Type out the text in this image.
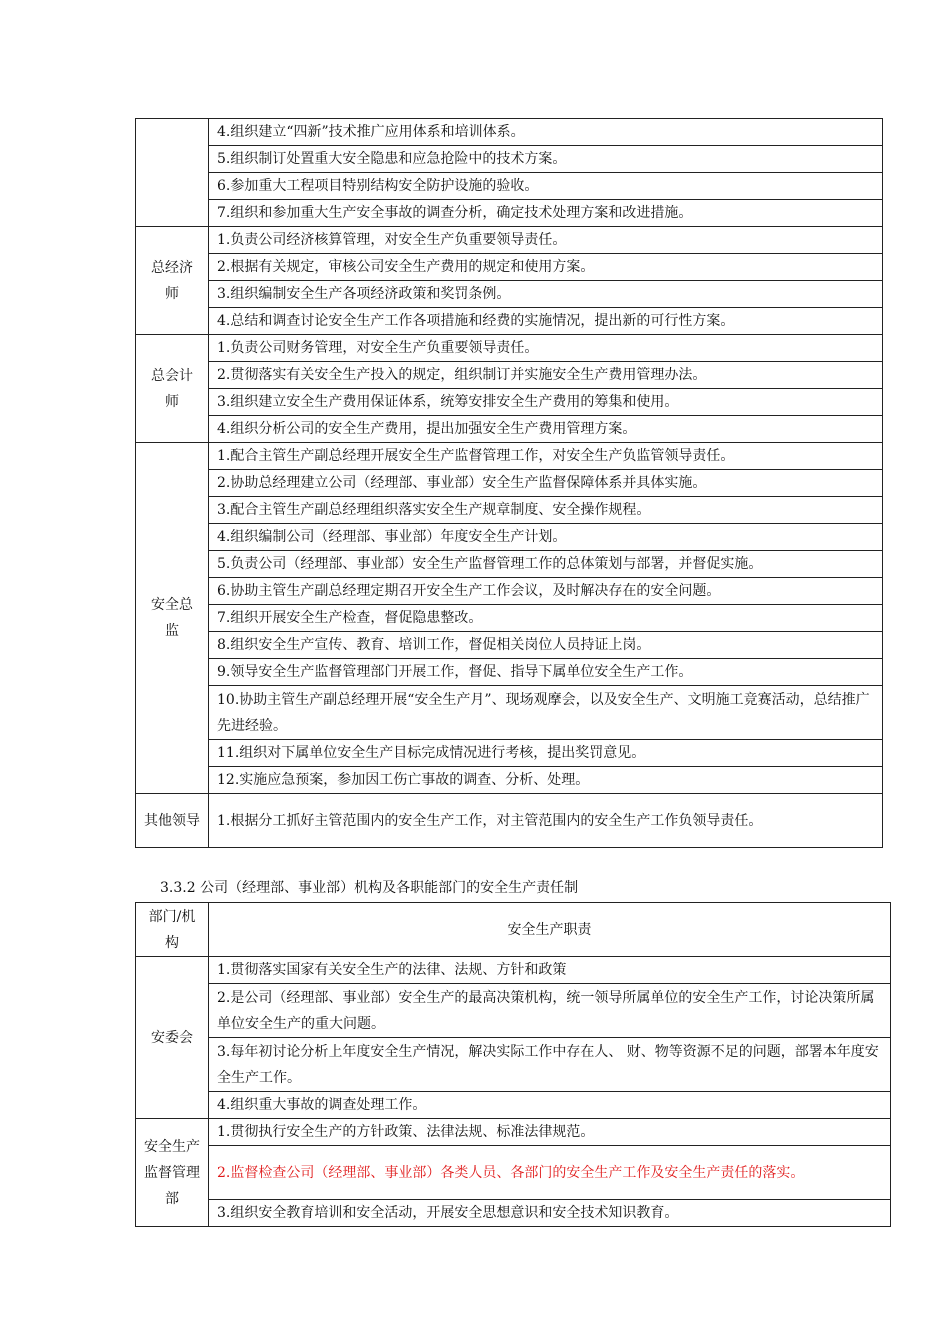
	4.组织建立“四新”技术推广应用体系和培训体系。
	5.组织制订处置重大安全隐患和应急抢险中的技术方案。
	6.参加重大工程项目特别结构安全防护设施的验收。
	7.组织和参加重大生产安全事故的调查分析，确定技术处理方案和改进措施。

总经济师	1.负责公司经济核算管理，对安全生产负重要领导责任。
	2.根据有关规定，审核公司安全生产费用的规定和使用方案。
	3.组织编制安全生产各项经济政策和奖罚条例。
	4.总结和调查讨论安全生产工作各项措施和经费的实施情况，提出新的可行性方案。

总会计师	1.负责公司财务管理，对安全生产负重要领导责任。
	2.贯彻落实有关安全生产投入的规定，组织制订并实施安全生产费用管理办法。
	3.组织建立安全生产费用保证体系，统筹安排安全生产费用的筹集和使用。
	4.组织分析公司的安全生产费用，提出加强安全生产费用管理方案。

安全总监	1.配合主管生产副总经理开展安全生产监督管理工作，对安全生产负监管领导责任。
	2.协助总经理建立公司（经理部、事业部）安全生产监督保障体系并具体实施。
	3.配合主管生产副总经理组织落实安全生产规章制度、安全操作规程。
	4.组织编制公司（经理部、事业部）年度安全生产计划。
	5.负责公司（经理部、事业部）安全生产监督管理工作的总体策划与部署，并督促实施。
	6.协助主管生产副总经理定期召开安全生产工作会议，及时解决存在的安全问题。
	7.组织开展安全生产检查，督促隐患整改。
	8.组织安全生产宣传、教育、培训工作，督促相关岗位人员持证上岗。
	9.领导安全生产监督管理部门开展工作，督促、指导下属单位安全生产工作。
	10.协助主管生产副总经理开展“安全生产月”、现场观摩会，以及安全生产、文明施工竞赛活动，总结推广先进经验。
	11.组织对下属单位安全生产目标完成情况进行考核，提出奖罚意见。
	12.实施应急预案，参加因工伤亡事故的调查、分析、处理。

其他领导	1.根据分工抓好主管范围内的安全生产工作，对主管范围内的安全生产工作负领导责任。
3.3.2 公司（经理部、事业部）机构及各职能部门的安全生产责任制
部门/机构	安全生产职责
安委会	1.贯彻落实国家有关安全生产的法律、法规、方针和政策
	2.是公司（经理部、事业部）安全生产的最高决策机构，统一领导所属单位的安全生产工作，讨论决策所属单位安全生产的重大问题。
	3.每年初讨论分析上年度安全生产情况，解决实际工作中存在人、 财、物等资源不足的问题，部署本年度安全生产工作。
	4.组织重大事故的调查处理工作。

安全生产监督管理部	1.贯彻执行安全生产的方针政策、法律法规、标准法律规范。
	2.监督检查公司（经理部、事业部）各类人员、各部门的安全生产工作及安全生产责任的落实。
	3.组织安全教育培训和安全活动，开展安全思想意识和安全技术知识教育。
